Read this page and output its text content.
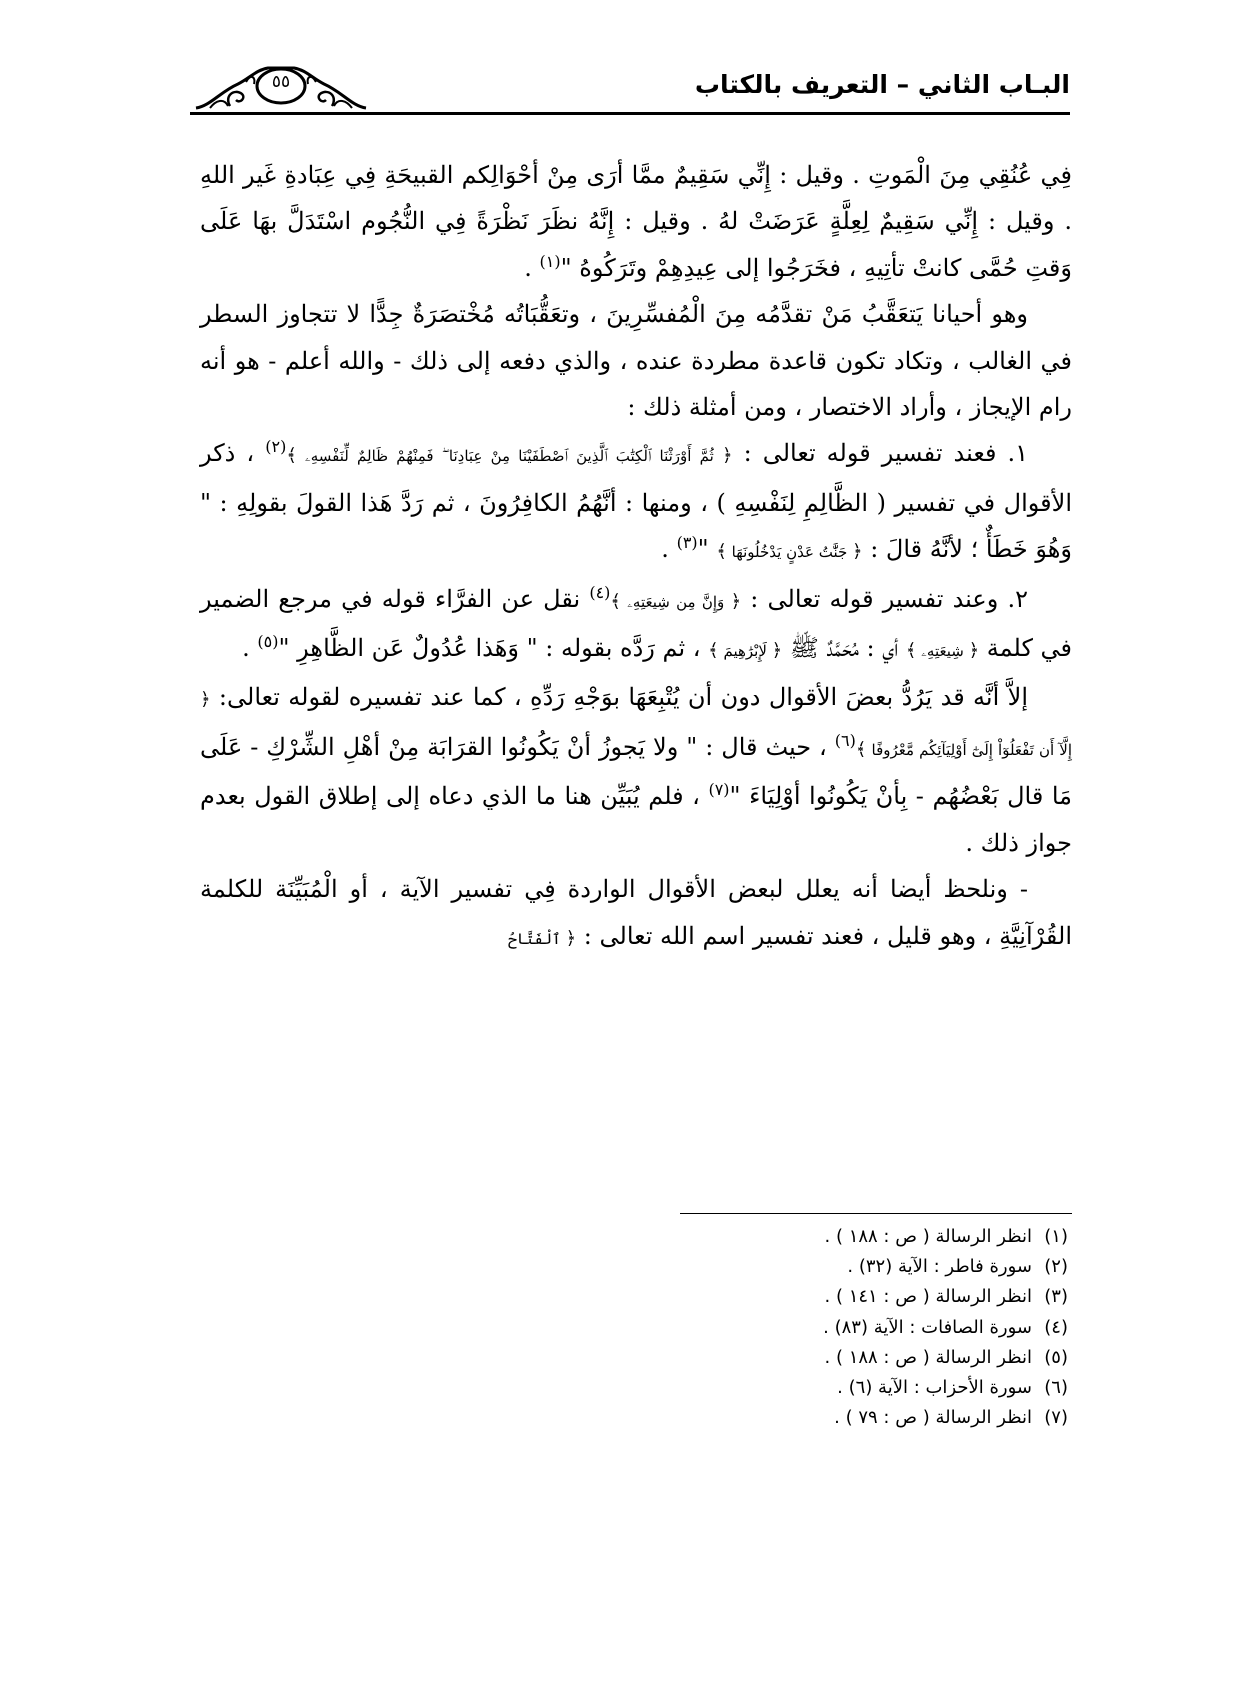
البـاب الثاني – التعريف بالكتاب
٥٥

فِي عُنُقِي مِنَ الْمَوتِ . وقيل : إِنِّي سَقِيمٌ ممَّا أرَى مِنْ أحْوَالِكم القبيحَةِ فِي عِبَادةِ غَير اللهِ . وقيل : إِنِّي سَقِيمٌ لِعِلَّةٍ عَرَضَتْ لهُ . وقيل : إِنَّهُ نظَرَ نَظْرَةً فِي النُّجُوم اسْتَدَلَّ بهَا عَلَى وَقتِ حُمَّى كانتْ تأتِيهِ ، فخَرَجُوا إلى عِيدِهِمْ وتَرَكُوهُ "$^{(١)}$ .

وهو أحيانا يَتعَقَّبُ مَنْ تقدَّمُه مِنَ الْمُفسِّرِينَ ، وتعَقُّبَاتُه مُخْتصَرَةٌ جِدًّا لا تتجاوز السطر في الغالب ، وتكاد تكون قاعدة مطردة عنده ، والذي دفعه إلى ذلك - والله أعلم - هو أنه رام الإيجاز ، وأراد الاختصار ، ومن أمثلة ذلك :

١. فعند تفسير قوله تعالى : ﴿ ثُمَّ أَوْرَثْنَا ٱلْكِتَٰبَ ٱلَّذِينَ ٱصْطَفَيْنَا مِنْ عِبَادِنَا ۖ فَمِنْهُمْ ظَالِمٌ لِّنَفْسِهِۦ ﴾$^{(٢)}$ ، ذكر الأقوال في تفسير ( الظَّالِمِ لِنَفْسِهِ ) ، ومنها : أنَّهُمُ الكافِرُونَ ، ثم رَدَّ هَذا القولَ بقولِهِ : " وَهُوَ خَطَأٌ ؛ لأنَّهُ قالَ : ﴿ جَنَّٰتُ عَدْنٍ يَدْخُلُونَهَا ﴾ "$^{(٣)}$ .

٢. وعند تفسير قوله تعالى : ﴿ وَإِنَّ مِن شِيعَتِهِۦ ﴾$^{(٤)}$ نقل عن الفرَّاء قوله في مرجع الضمير في كلمة ﴿ شِيعَتِهِۦ ﴾ أي : مُحَمَّدٌ ﷺ ﴿ لَإِبْرَٰهِيمَ ﴾ ، ثم رَدَّه بقوله : " وَهَذا عُدُولٌ عَن الظَّاهِرِ "$^{(٥)}$ .

إلاَّ أنَّه قد يَرُدُّ بعضَ الأقوال دون أن يُتْبِعَهَا بوَجْهِ رَدِّهِ ، كما عند تفسيره لقوله تعالى: ﴿ إِلَّآ أَن تَفْعَلُوٓاْ إِلَىٰٓ أَوْلِيَآئِكُم مَّعْرُوفًا ﴾$^{(٦)}$ ، حيث قال : " ولا يَجوزُ أنْ يَكُونُوا القرَابَة مِنْ أهْلِ الشِّرْكِ - عَلَى مَا قال بَعْضُهُم - بِأنْ يَكُونُوا أوْلِيَاءَ "$^{(٧)}$ ، فلم يُبَيِّن هنا ما الذي دعاه إلى إطلاق القول بعدم جواز ذلك .

- ونلحظ أيضا أنه يعلل لبعض الأقوال الواردة فِي تفسير الآية ، أو الْمُبَيِّنَة للكلمة القُرْآنِيَّةِ ، وهو قليل ، فعند تفسير اسم الله تعالى : ﴿ ٱلْفَتَّاحُ

(١)انظر الرسالة ( ص : ١٨٨ ) .
(٢)سورة فاطر : الآية (٣٢) .
(٣)انظر الرسالة ( ص : ١٤١ ) .
(٤)سورة الصافات : الآية (٨٣) .
(٥)انظر الرسالة ( ص : ١٨٨ ) .
(٦)سورة الأحزاب : الآية (٦) .
(٧)انظر الرسالة ( ص : ٧٩ ) .
